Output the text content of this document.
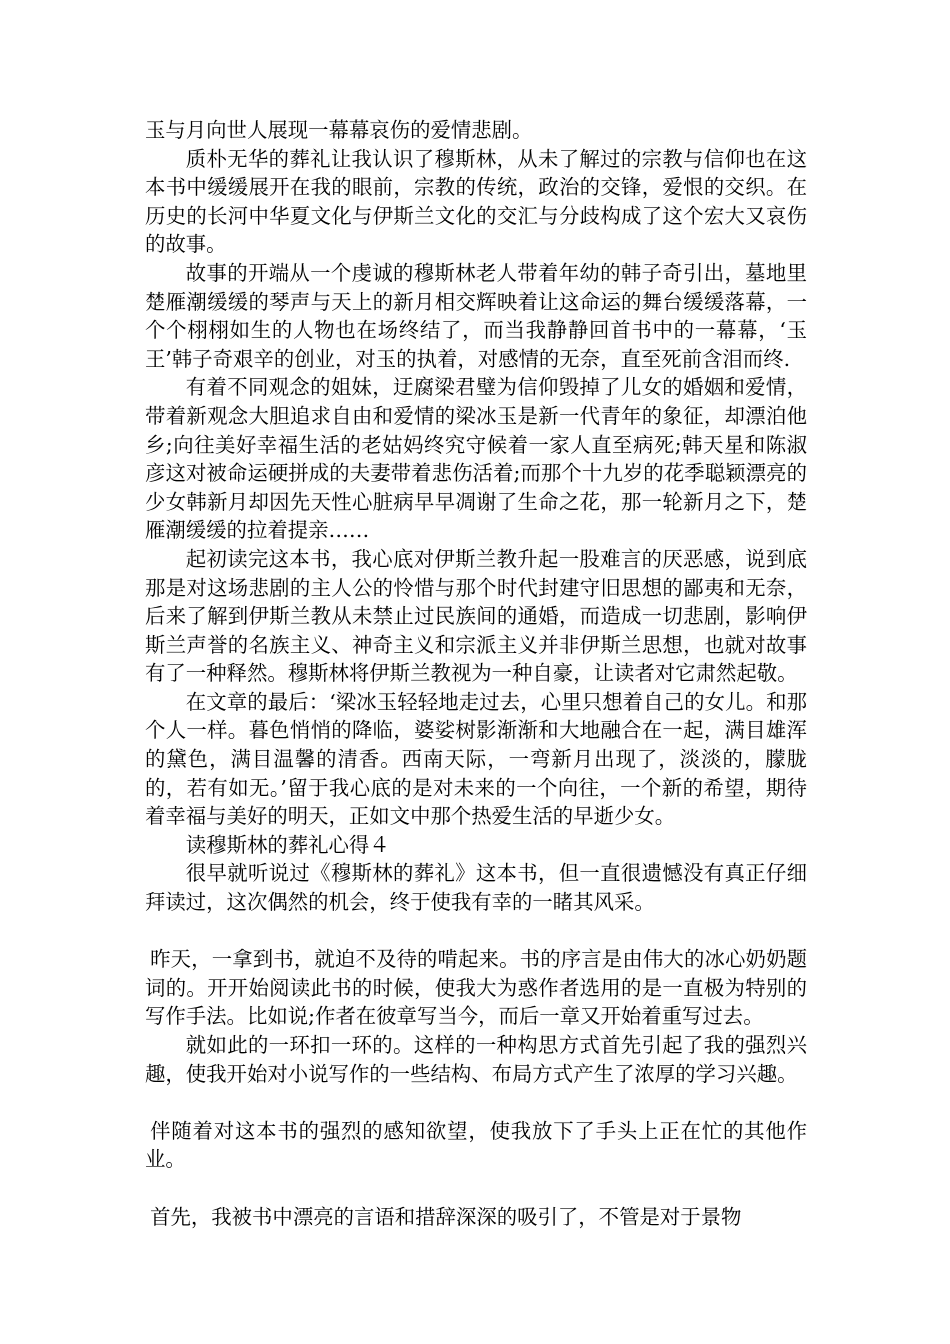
玉与月向世人展现一幕幕哀伤的爱情悲剧。

质朴无华的葬礼让我认识了穆斯林，从未了解过的宗教与信仰也在这本书中缓缓展开在我的眼前，宗教的传统，政治的交锋，爱恨的交织。在历史的长河中华夏文化与伊斯兰文化的交汇与分歧构成了这个宏大又哀伤的故事。

故事的开端从一个虔诚的穆斯林老人带着年幼的韩子奇引出，墓地里楚雁潮缓缓的琴声与天上的新月相交辉映着让这命运的舞台缓缓落幕，一个个栩栩如生的人物也在场终结了，而当我静静回首书中的一幕幕，‘玉王’韩子奇艰辛的创业，对玉的执着，对感情的无奈，直至死前含泪而终.

有着不同观念的姐妹，迂腐梁君璧为信仰毁掉了儿女的婚姻和爱情，带着新观念大胆追求自由和爱情的梁冰玉是新一代青年的象征，却漂泊他乡;向往美好幸福生活的老姑妈终究守候着一家人直至病死;韩天星和陈淑彦这对被命运硬拼成的夫妻带着悲伤活着;而那个十九岁的花季聪颖漂亮的少女韩新月却因先天性心脏病早早凋谢了生命之花，那一轮新月之下，楚雁潮缓缓的拉着提亲……

起初读完这本书，我心底对伊斯兰教升起一股难言的厌恶感，说到底那是对这场悲剧的主人公的怜惜与那个时代封建守旧思想的鄙夷和无奈，后来了解到伊斯兰教从未禁止过民族间的通婚，而造成一切悲剧，影响伊斯兰声誉的名族主义、神奇主义和宗派主义并非伊斯兰思想，也就对故事有了一种释然。穆斯林将伊斯兰教视为一种自豪，让读者对它肃然起敬。

在文章的最后：‘梁冰玉轻轻地走过去，心里只想着自己的女儿。和那个人一样。暮色悄悄的降临，婆娑树影渐渐和大地融合在一起，满目雄浑的黛色，满目温馨的清香。西南天际，一弯新月出现了，淡淡的，朦胧的，若有如无。’留于我心底的是对未来的一个向往，一个新的希望，期待着幸福与美好的明天，正如文中那个热爱生活的早逝少女。

读穆斯林的葬礼心得４

很早就听说过《穆斯林的葬礼》这本书，但一直很遗憾没有真正仔细拜读过，这次偶然的机会，终于使我有幸的一睹其风采。

昨天，一拿到书，就迫不及待的啃起来。书的序言是由伟大的冰心奶奶题词的。开开始阅读此书的时候，使我大为惑作者选用的是一直极为特别的写作手法。比如说;作者在彼章写当今，而后一章又开始着重写过去。

就如此的一环扣一环的。这样的一种构思方式首先引起了我的强烈兴趣，使我开始对小说写作的一些结构、布局方式产生了浓厚的学习兴趣。

伴随着对这本书的强烈的感知欲望，使我放下了手头上正在忙的其他作业。

首先，我被书中漂亮的言语和措辞深深的吸引了，不管是对于景物
